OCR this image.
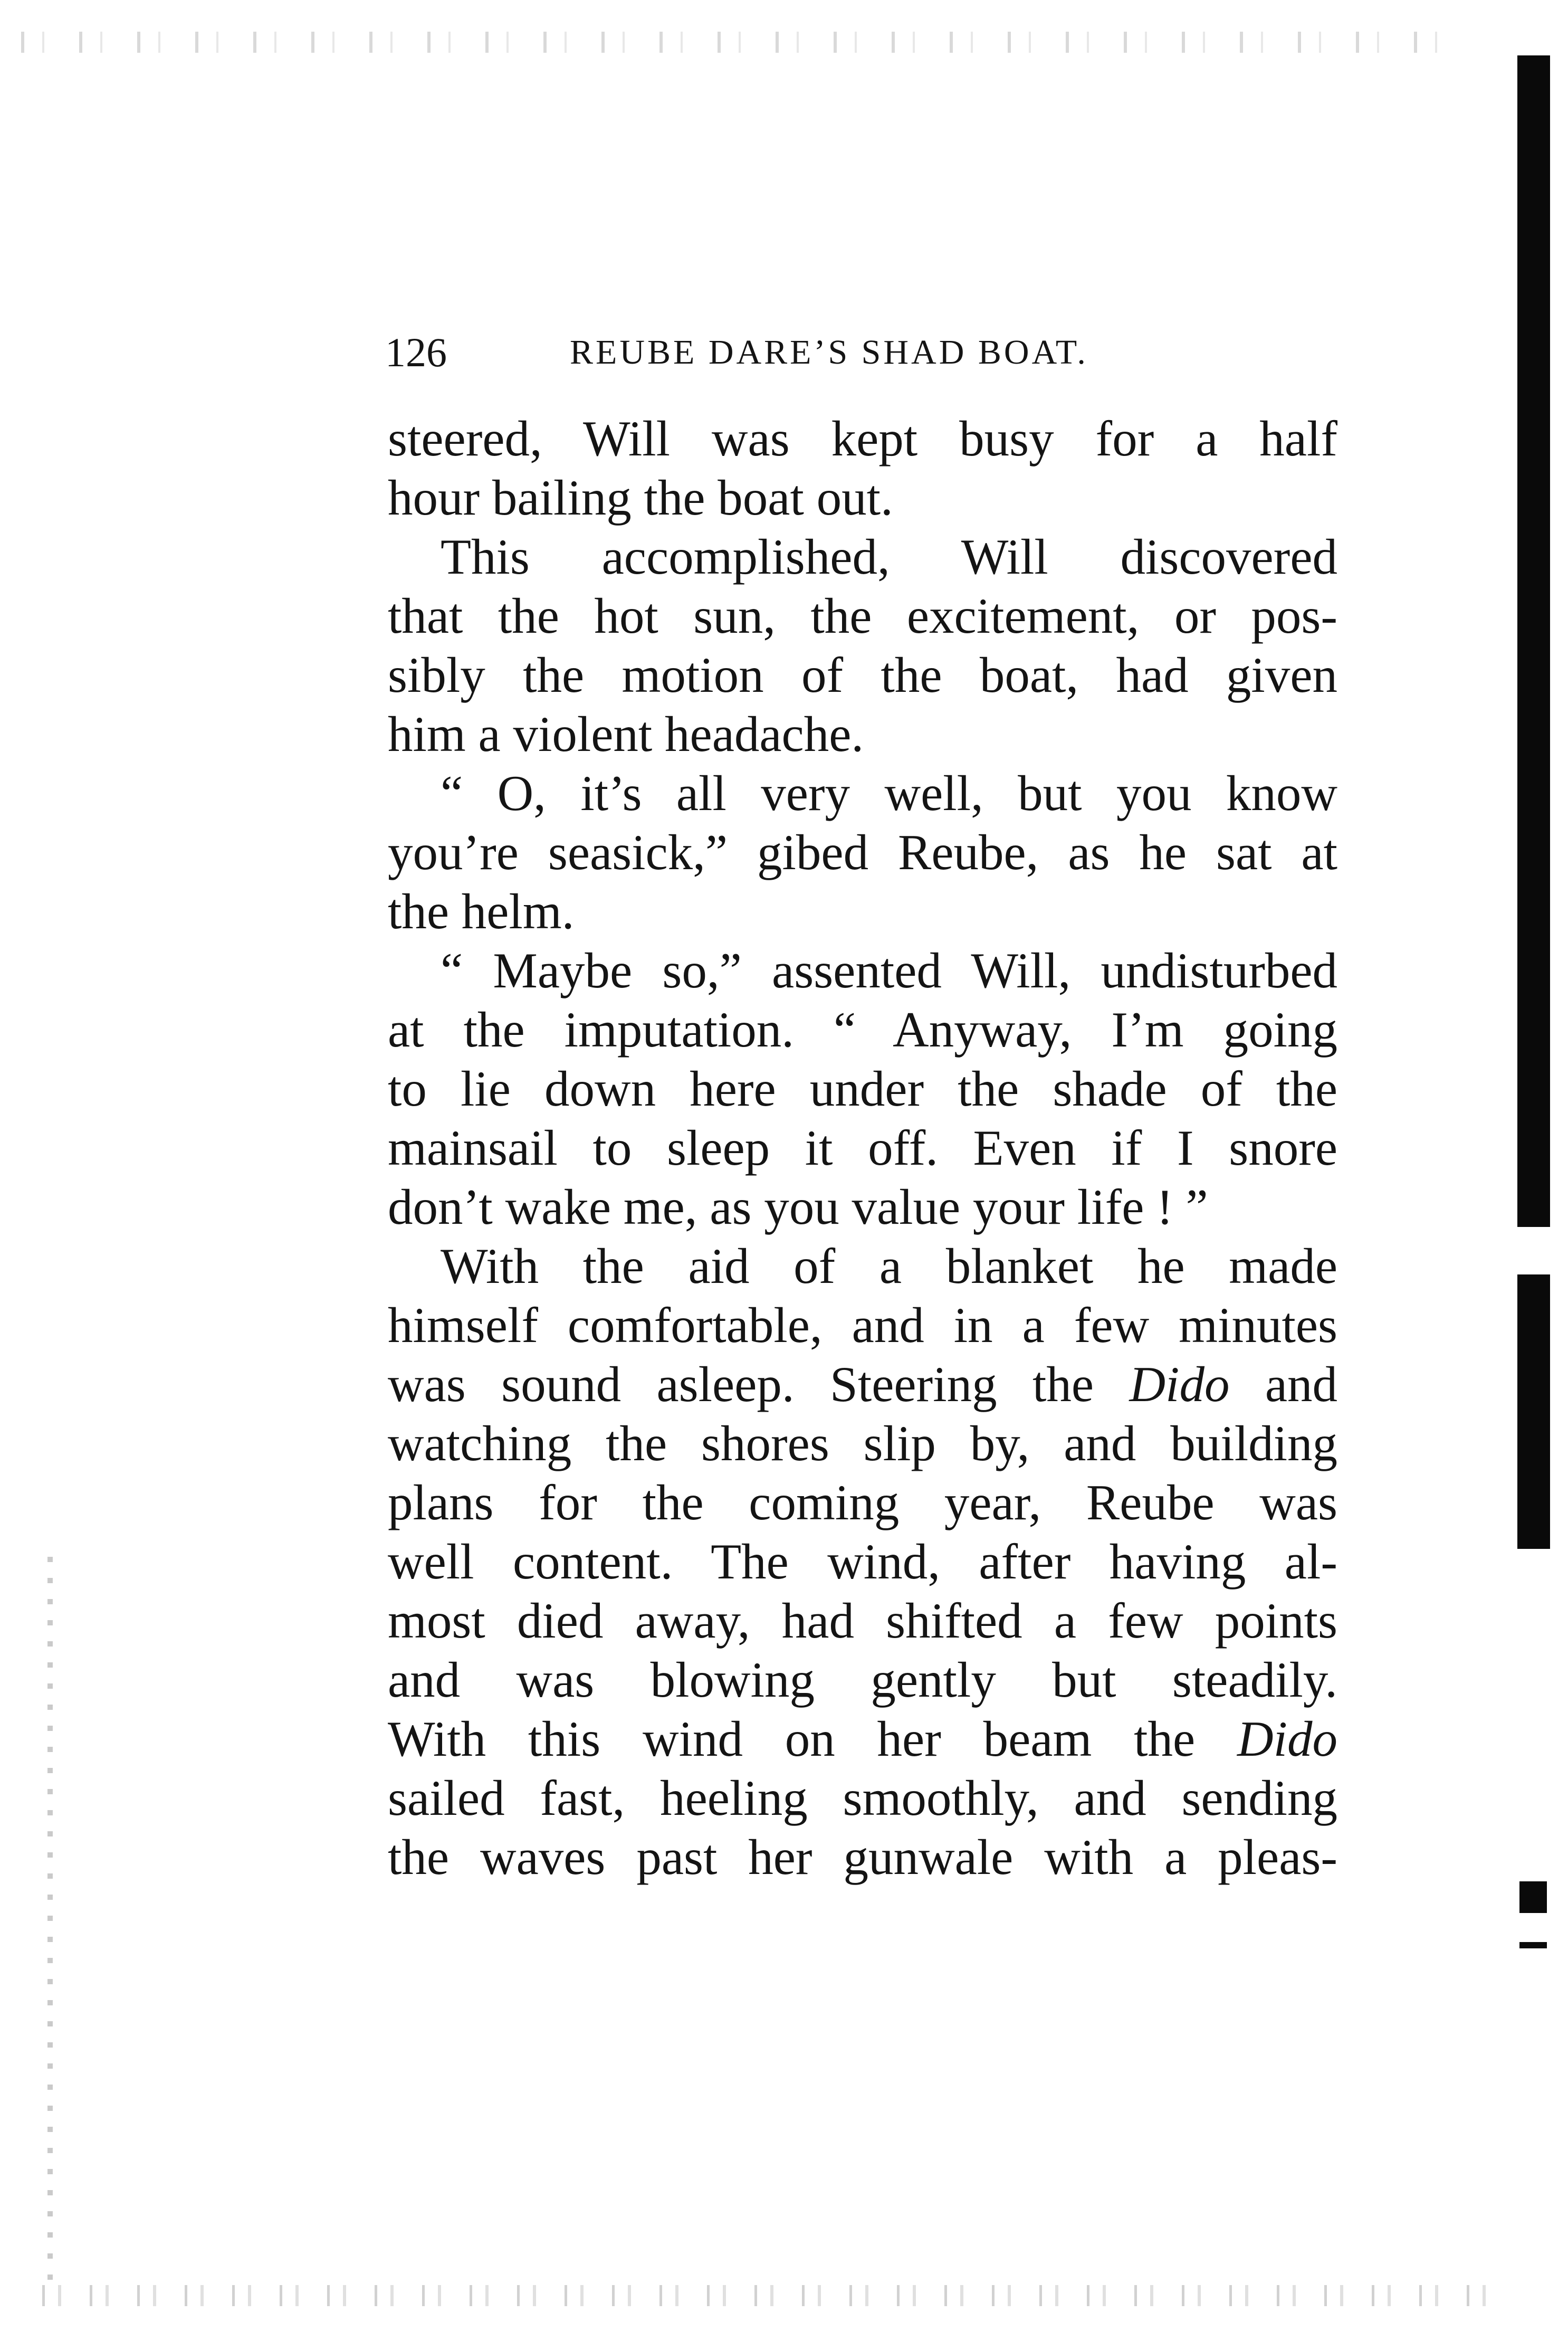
126	REUBE DARE’S SHAD BOAT.
steered, Will was kept busy for a half
hour bailing the boat out.
This accomplished, Will discovered
that the hot sun, the excitement, or pos-
sibly the motion of the boat, had given
him a violent headache.
“ O, it’s all very well, but you know
you’re seasick,” gibed Reube, as he sat at
the helm.
“ Maybe so,” assented Will, undisturbed
at the imputation. “ Anyway, I’m going
to lie down here under the shade of the
mainsail to sleep it off. Even if I snore
don’t wake me, as you value your life ! ”
With the aid of a blanket he made
himself comfortable, and in a few minutes
was sound asleep. Steering the Dido and
watching the shores slip by, and building
plans for the coming year, Reube was
well content. The wind, after having al-
most died away, had shifted a few points
and was blowing gently but steadily.
With this wind on her beam the Dido
sailed fast, heeling smoothly, and sending
the waves past her gunwale with a pleas-
